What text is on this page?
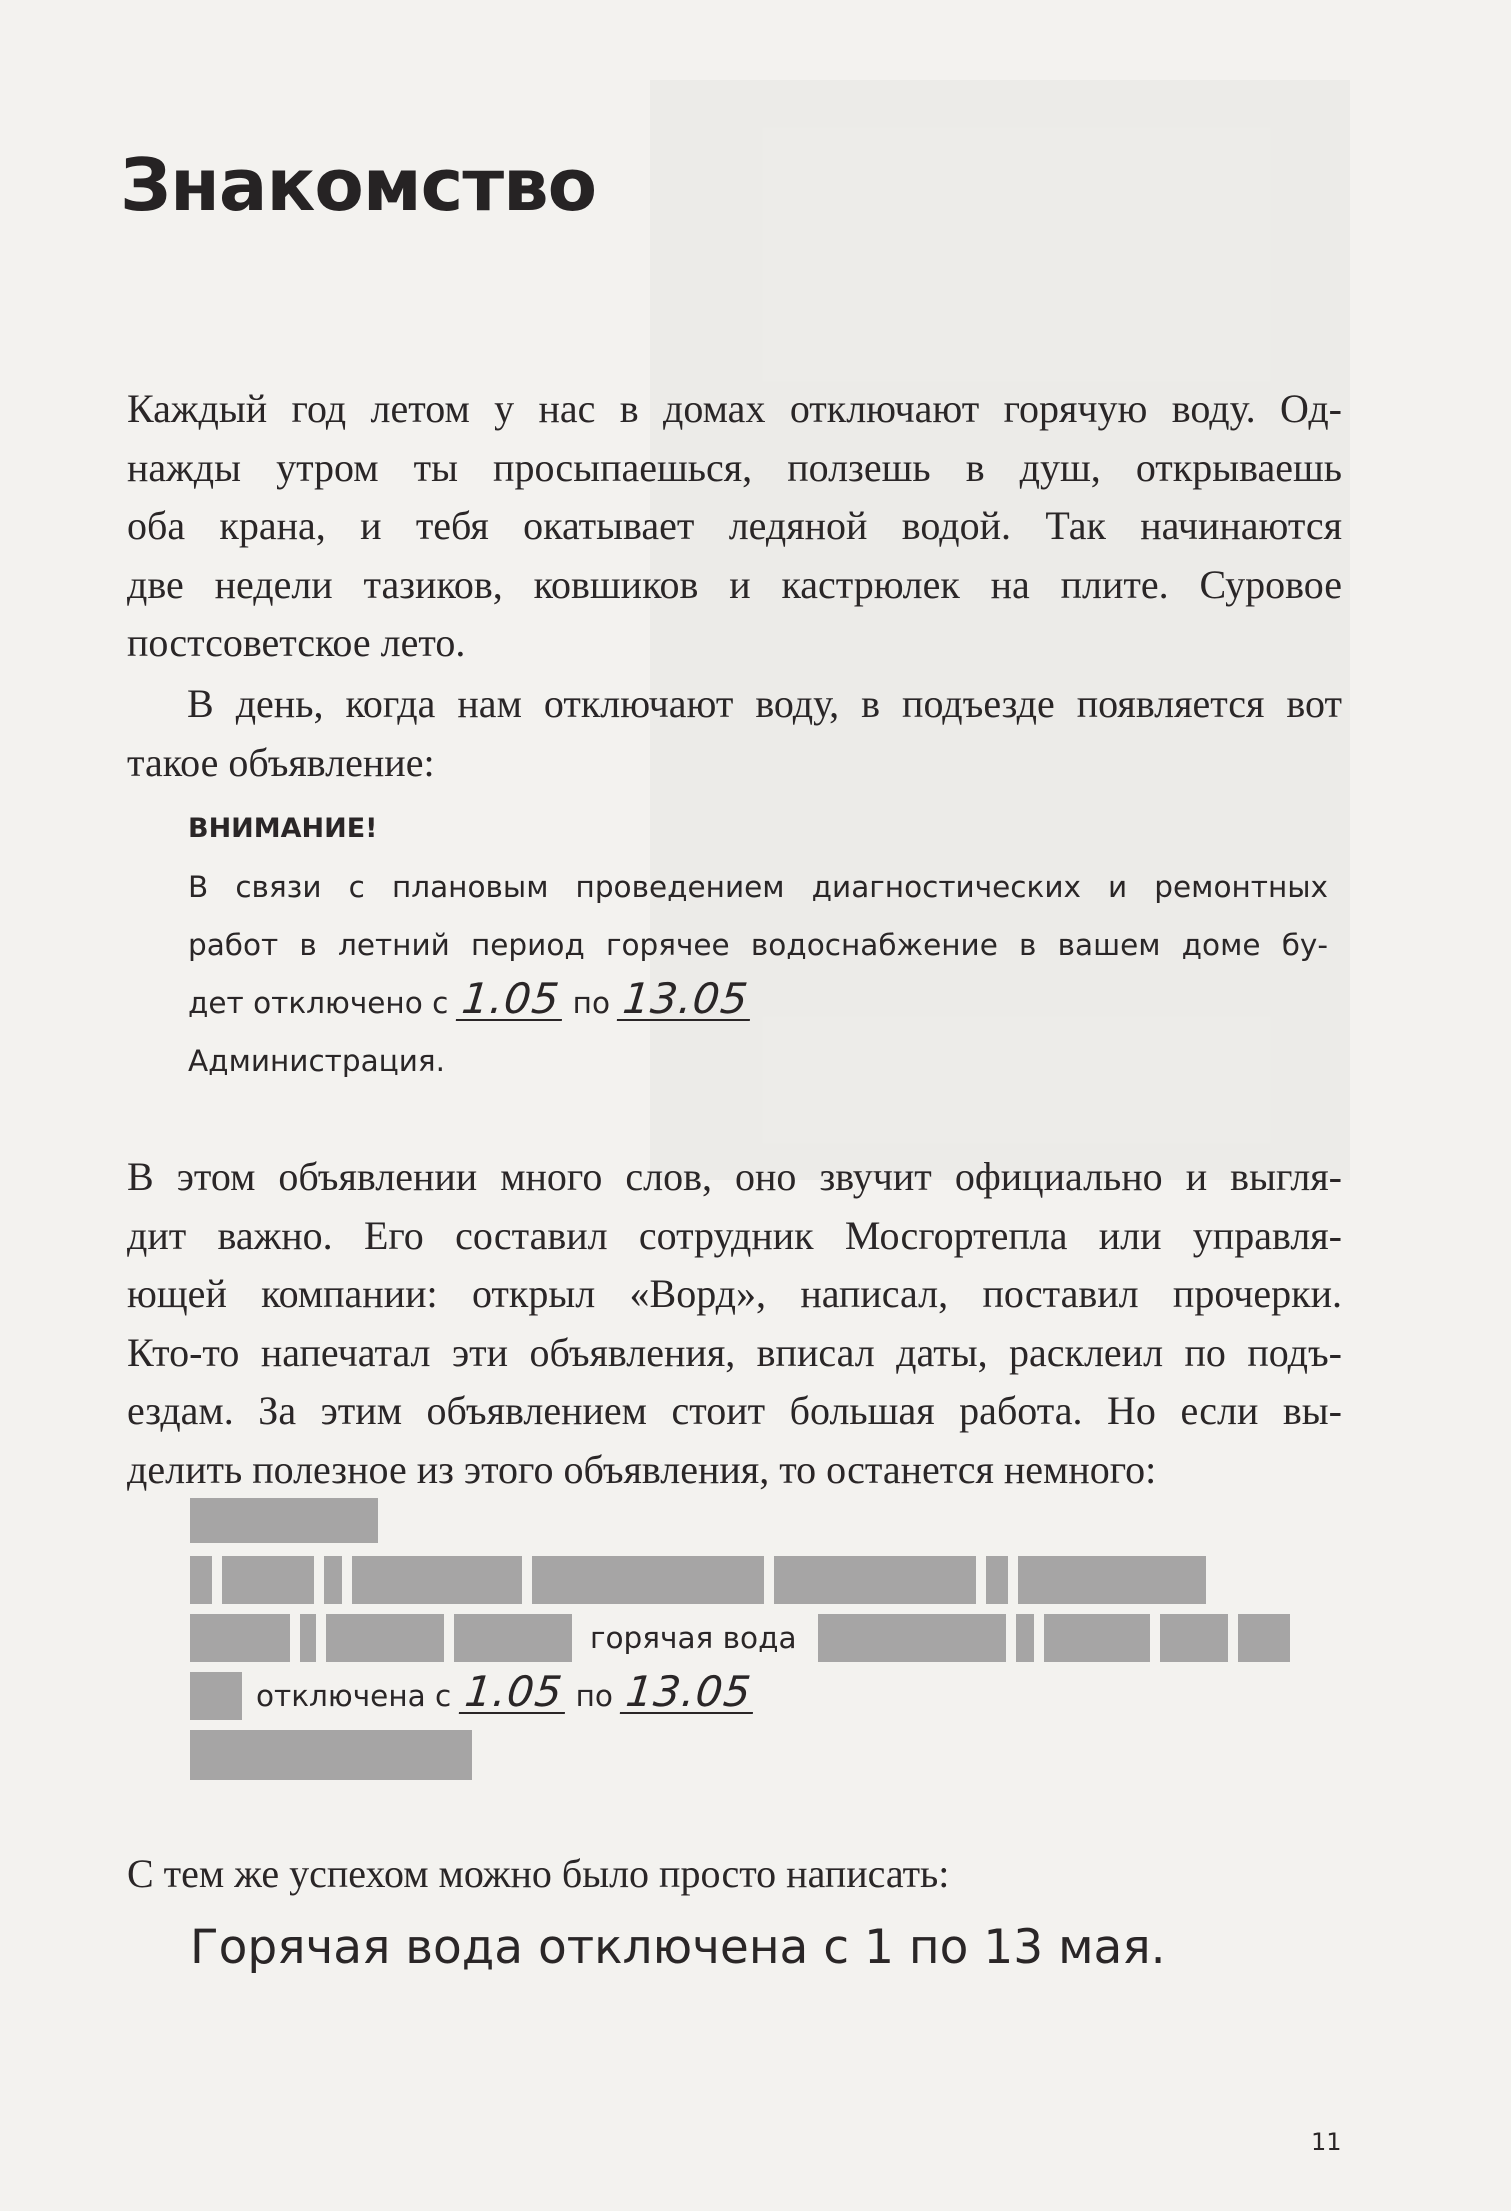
Знакомство
Каждый год летом у нас в домах отключают горячую воду. Од-
нажды утром ты просыпаешься, ползешь в душ, открываешь
оба крана, и тебя окатывает ледяной водой. Так начинаются
две недели тазиков, ковшиков и кастрюлек на плите. Суровое
постсоветское лето.
В день, когда нам отключают воду, в подъезде появляется вот
такое объявление:
ВНИМАНИЕ!
В связи с плановым проведением диагностических и ремонтных
работ в летний период горячее водоснабжение в вашем доме бу-
дет отключено с 1.05 по 13.05
Администрация.
В этом объявлении много слов, оно звучит официально и выгля-
дит важно. Его составил сотрудник Мосгортепла или управля-
ющей компании: открыл «Ворд», написал, поставил прочерки.
Кто-то напечатал эти объявления, вписал даты, расклеил по подъ-
ездам. За этим объявлением стоит большая работа. Но если вы-
делить полезное из этого объявления, то останется немного:
горячая вода
отключена с 1.05 по 13.05
С тем же успехом можно было просто написать:
Горячая вода отключена с 1 по 13 мая.
11
